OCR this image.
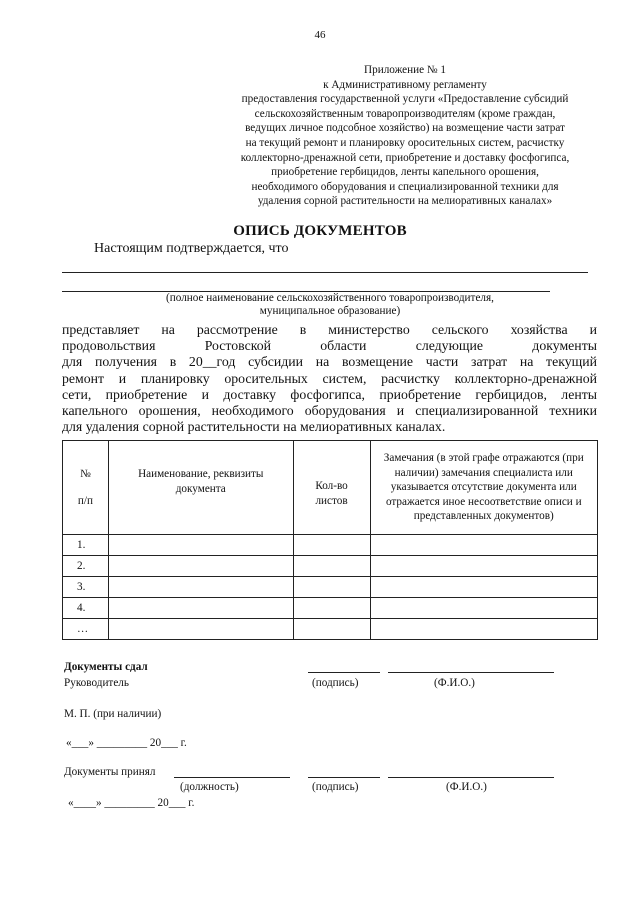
46
Приложение № 1
к Административному регламенту
предоставления государственной услуги «Предоставление субсидий
сельскохозяйственным товаропроизводителям (кроме граждан,
ведущих личное подсобное хозяйство) на возмещение части затрат
на текущий ремонт и планировку оросительных систем, расчистку
коллекторно-дренажной сети, приобретение и доставку фосфогипса,
приобретение гербицидов, ленты капельного орошения,
необходимого оборудования и специализированной техники для
удаления сорной растительности на мелиоративных каналах»
ОПИСЬ ДОКУМЕНТОВ
Настоящим подтверждается, что
(полное наименование сельскохозяйственного товаропроизводителя,
муниципальное образование)
представляет на рассмотрение в министерство сельского хозяйства и
продовольствия Ростовской области следующие документы
для получения в 20__год субсидии на возмещение части затрат на текущий
ремонт и планировку оросительных систем, расчистку коллекторно-дренажной
сети, приобретение и доставку фосфогипса, приобретение гербицидов, ленты
капельного орошения, необходимого оборудования и специализированной техники
для удаления сорной растительности на мелиоративных каналах.
№
п/п	Наименование, реквизиты документа	Кол-во листов	Замечания (в этой графе отражаются (при наличии) замечания специалиста или указывается отсутствие документа или отражается иное несоответствие описи и представленных документов)

1.			
2.			
3.			
4.			
…			
Документы сдал
Руководитель	(подпись)	(Ф.И.О.)
М. П. (при наличии)
«___» _________ 20___ г.
Документы принял
(должность)	(подпись)	(Ф.И.О.)
«____» _________ 20___ г.
